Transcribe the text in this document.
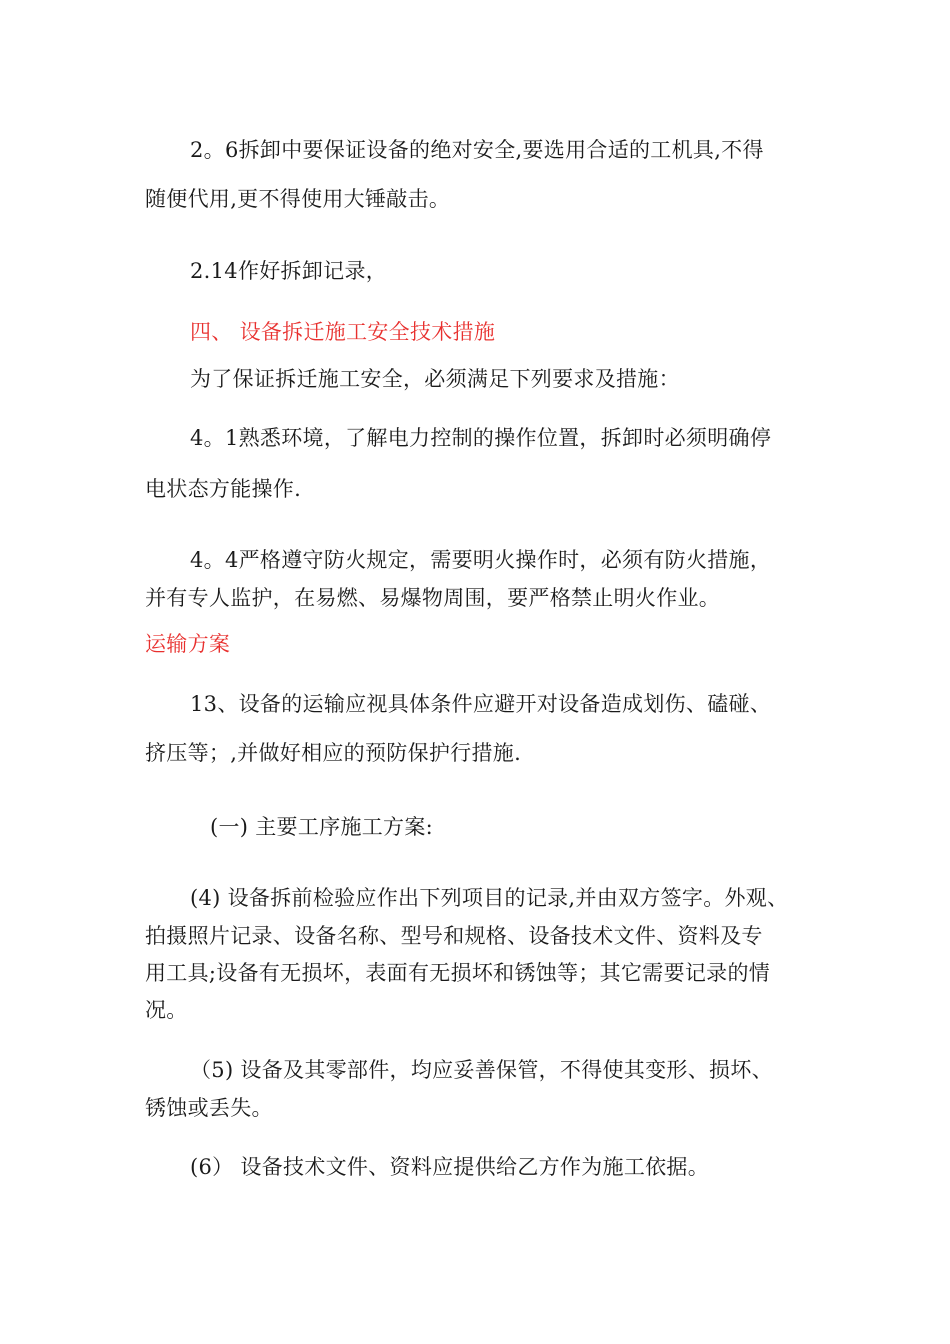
2。6拆卸中要保证设备的绝对安全,要选用合适的工机具,不得
随便代用,更不得使用大锤敲击。
2.14作好拆卸记录，
四、 设备拆迁施工安全技术措施
为了保证拆迁施工安全，必须满足下列要求及措施：
4。1熟悉环境，了解电力控制的操作位置，拆卸时必须明确停
电状态方能操作.
4。4严格遵守防火规定，需要明火操作时，必须有防火措施，
并有专人监护，在易燃、易爆物周围，要严格禁止明火作业。
运输方案
13、设备的运输应视具体条件应避开对设备造成划伤、磕碰、
挤压等；,并做好相应的预防保护行措施.
(一) 主要工序施工方案:
(4) 设备拆前检验应作出下列项目的记录,并由双方签字。外观、
拍摄照片记录、设备名称、型号和规格、设备技术文件、资料及专
用工具;设备有无损坏，表面有无损坏和锈蚀等；其它需要记录的情
况。
（5) 设备及其零部件，均应妥善保管，不得使其变形、损坏、
锈蚀或丢失。
(6） 设备技术文件、资料应提供给乙方作为施工依据。
